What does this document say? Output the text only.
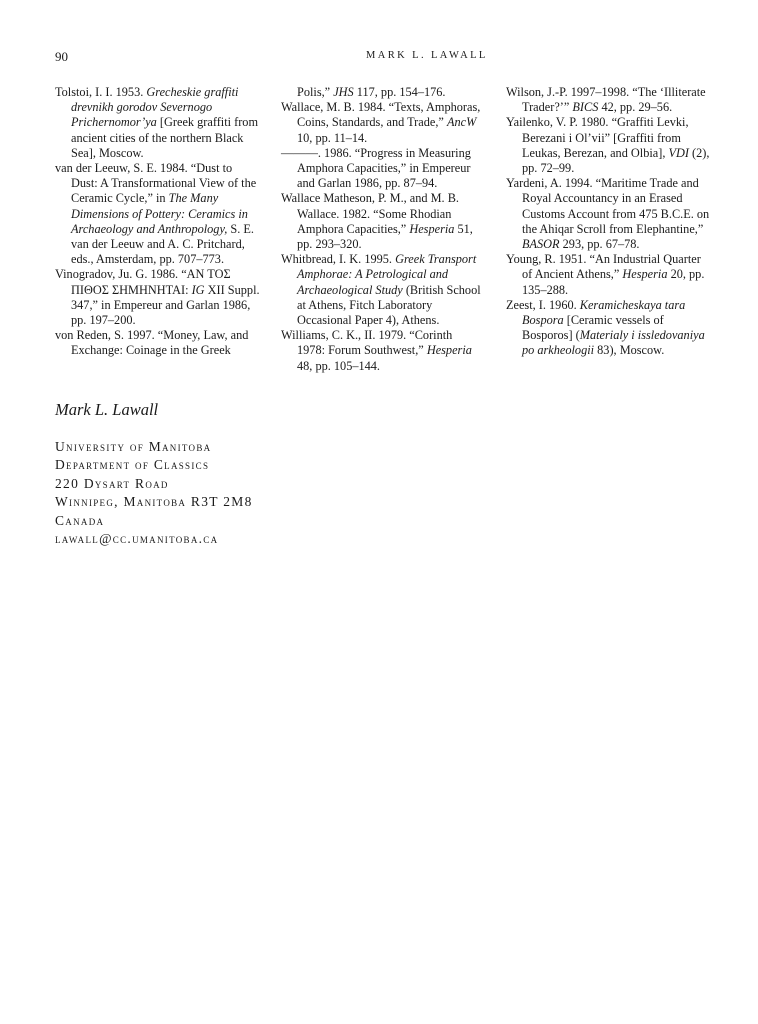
90	MARK L. LAWALL

Tolstoi, I. I. 1953. Grecheskie graffiti drevnikh gorodov Severnogo Prichernomor’ya [Greek graffiti from ancient cities of the northern Black Sea], Moscow.

van der Leeuw, S. E. 1984. “Dust to Dust: A Transformational View of the Ceramic Cycle,” in The Many Dimensions of Pottery: Ceramics in Archaeology and Anthropology, S. E. van der Leeuw and A. C. Pritchard, eds., Amsterdam, pp. 707–773.

Vinogradov, Ju. G. 1986. “ΑΝ ΤΟΣ ΠΙΘΟΣ ΣΗΜΗΝΗΤΑΙ: IG XII Suppl. 347,” in Empereur and Garlan 1986, pp. 197–200.

von Reden, S. 1997. “Money, Law, and Exchange: Coinage in the Greek

Polis,” JHS 117, pp. 154–176.

Wallace, M. B. 1984. “Texts, Amphoras, Coins, Standards, and Trade,” AncW 10, pp. 11–14.

———. 1986. “Progress in Measuring Amphora Capacities,” in Empereur and Garlan 1986, pp. 87–94.

Wallace Matheson, P. M., and M. B. Wallace. 1982. “Some Rhodian Amphora Capacities,” Hesperia 51, pp. 293–320.

Whitbread, I. K. 1995. Greek Transport Amphorae: A Petrological and Archaeological Study (British School at Athens, Fitch Laboratory Occasional Paper 4), Athens.

Williams, C. K., II. 1979. “Corinth 1978: Forum Southwest,” Hesperia 48, pp. 105–144.

Wilson, J.-P. 1997–1998. “The ‘Illiterate Trader?’” BICS 42, pp. 29–56.

Yailenko, V. P. 1980. “Graffiti Levki, Berezani i Ol’vii” [Graffiti from Leukas, Berezan, and Olbia], VDI (2), pp. 72–99.

Yardeni, A. 1994. “Maritime Trade and Royal Accountancy in an Erased Customs Account from 475 B.C.E. on the Ahiqar Scroll from Elephantine,” BASOR 293, pp. 67–78.

Young, R. 1951. “An Industrial Quarter of Ancient Athens,” Hesperia 20, pp. 135–288.

Zeest, I. 1960. Keramicheskaya tara Bospora [Ceramic vessels of Bosporos] (Materialy i issledovaniya po arkheologii 83), Moscow.

Mark L. Lawall
University of Manitoba
Department of Classics
220 Dysart Road
Winnipeg, Manitoba R3T 2M8
Canada
lawall@cc.umanitoba.ca
